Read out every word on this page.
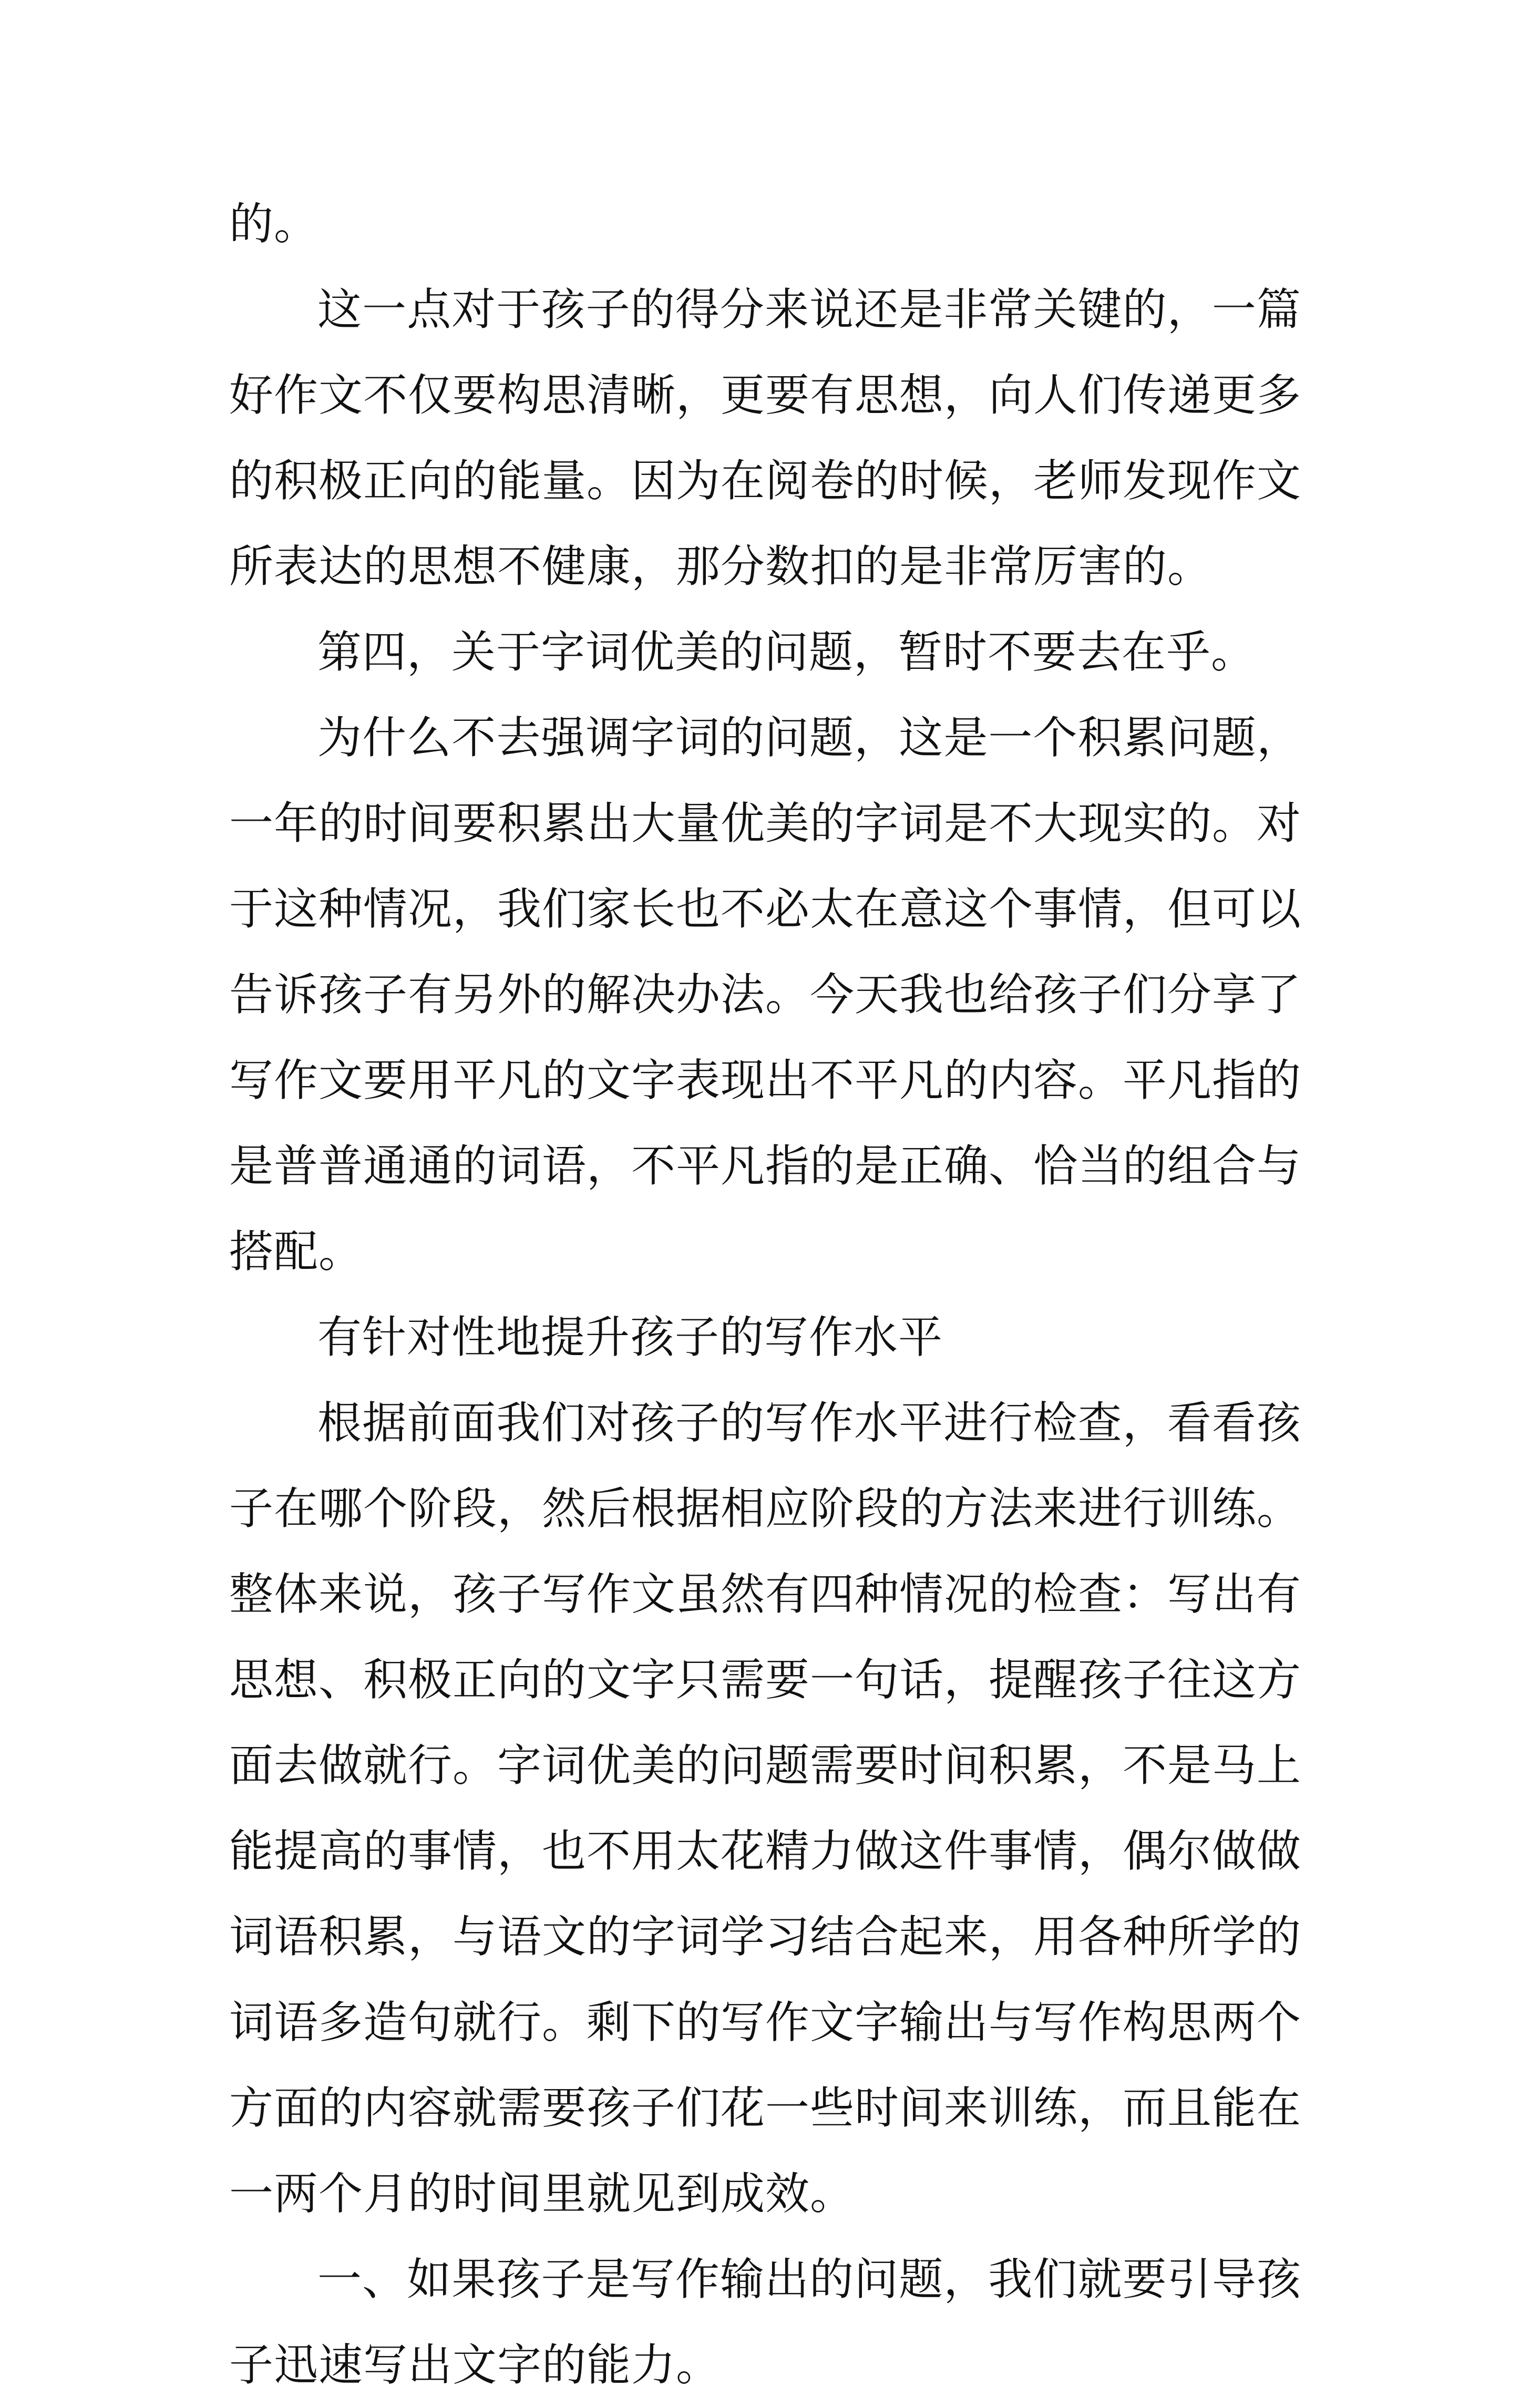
的。

这一点对于孩子的得分来说还是非常关键的，一篇好作文不仅要构思清晰，更要有思想，向人们传递更多的积极正向的能量。因为在阅卷的时候，老师发现作文所表达的思想不健康，那分数扣的是非常厉害的。

第四，关于字词优美的问题，暂时不要去在乎。

为什么不去强调字词的问题，这是一个积累问题，一年的时间要积累出大量优美的字词是不大现实的。对于这种情况，我们家长也不必太在意这个事情，但可以告诉孩子有另外的解决办法。今天我也给孩子们分享了写作文要用平凡的文字表现出不平凡的内容。平凡指的是普普通通的词语，不平凡指的是正确、恰当的组合与搭配。

有针对性地提升孩子的写作水平

根据前面我们对孩子的写作水平进行检查，看看孩子在哪个阶段，然后根据相应阶段的方法来进行训练。整体来说，孩子写作文虽然有四种情况的检查：写出有思想、积极正向的文字只需要一句话，提醒孩子往这方面去做就行。字词优美的问题需要时间积累，不是马上能提高的事情，也不用太花精力做这件事情，偶尔做做词语积累，与语文的字词学习结合起来，用各种所学的词语多造句就行。剩下的写作文字输出与写作构思两个方面的内容就需要孩子们花一些时间来训练，而且能在一两个月的时间里就见到成效。

一、如果孩子是写作输出的问题，我们就要引导孩子迅速写出文字的能力。
